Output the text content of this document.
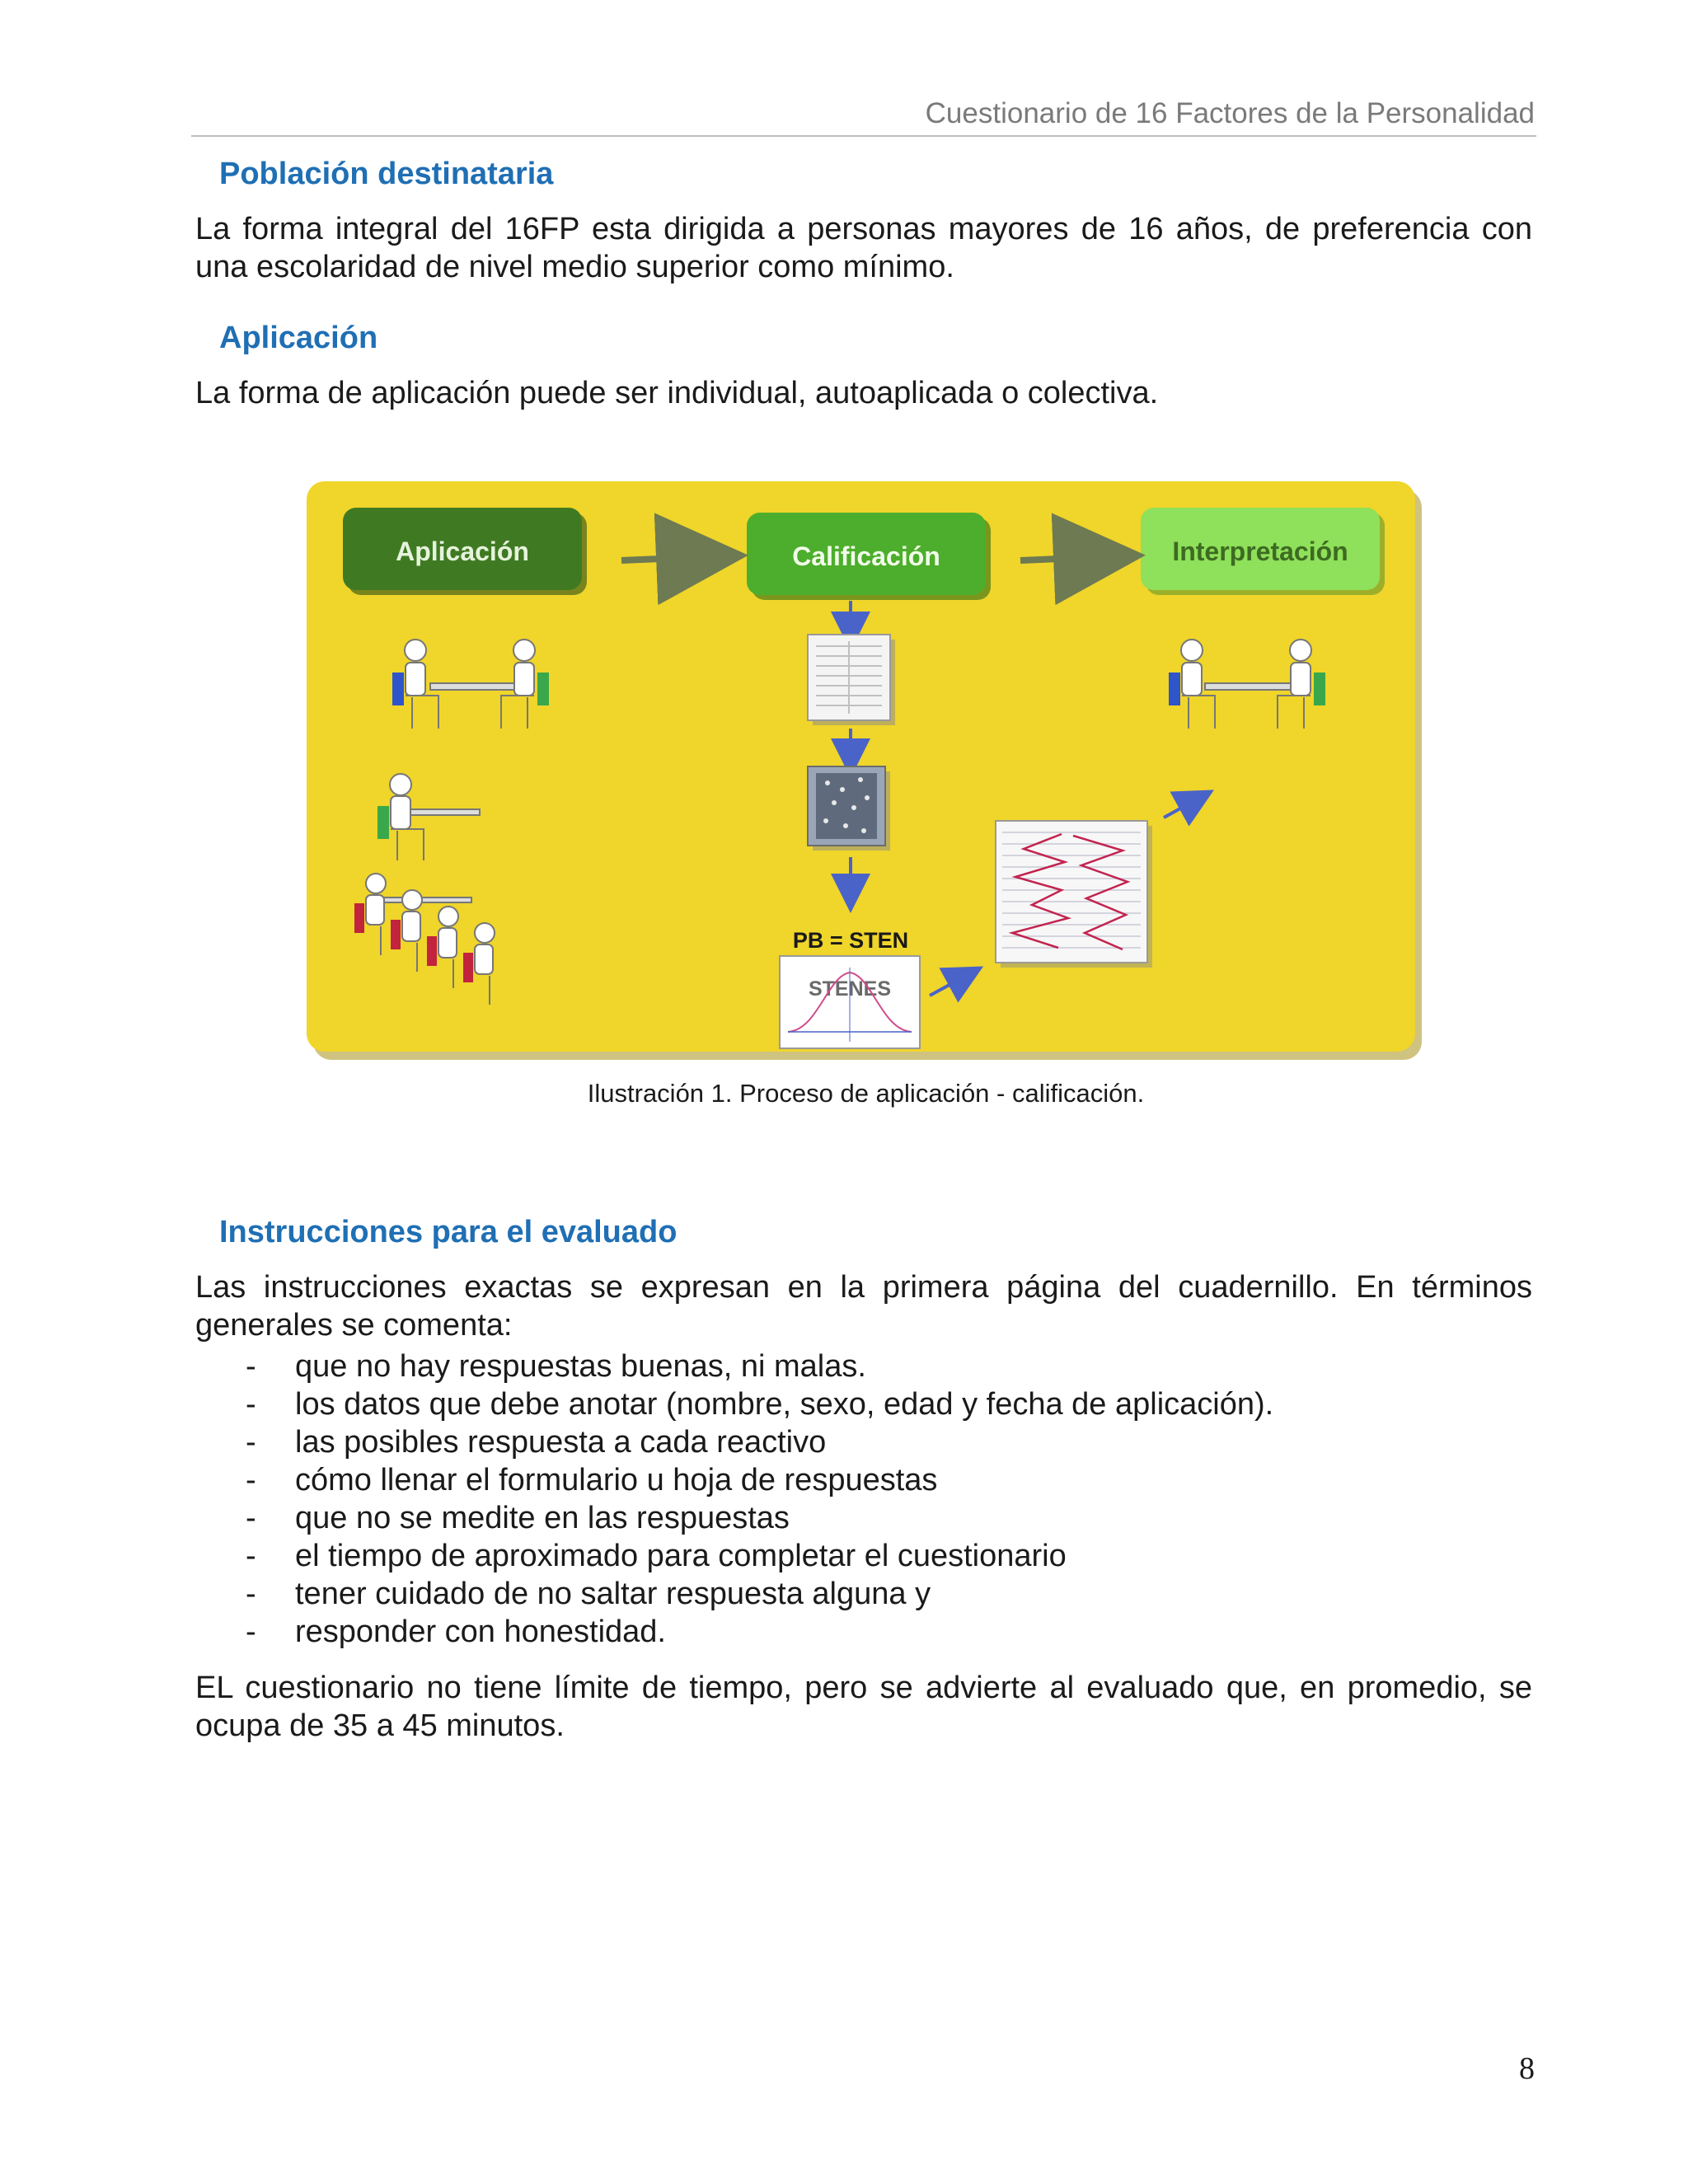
Cuestionario de 16 Factores de la Personalidad
Población destinataria

La forma integral del 16FP esta dirigida a personas mayores de 16 años, de preferencia con una escolaridad de nivel medio superior como mínimo.

Aplicación

La forma de aplicación puede ser individual, autoaplicada o colectiva.

Aplicación	Calificación	Interpretación
PB = STEN
STENES
Ilustración 1. Proceso de aplicación - calificación.
Instrucciones para el evaluado

Las instrucciones exactas se expresan en la primera página del cuadernillo. En términos generales se comenta:

- que no hay respuestas buenas, ni malas.
- los datos que debe anotar (nombre, sexo, edad y fecha de aplicación).
- las posibles respuesta a cada reactivo
- cómo llenar el formulario u hoja de respuestas
- que no se medite en las respuestas
- el tiempo de aproximado para completar el cuestionario
- tener cuidado de no saltar respuesta alguna y
- responder con honestidad.

EL cuestionario no tiene límite de tiempo, pero se advierte al evaluado que, en promedio, se ocupa de 35 a 45 minutos.

8
